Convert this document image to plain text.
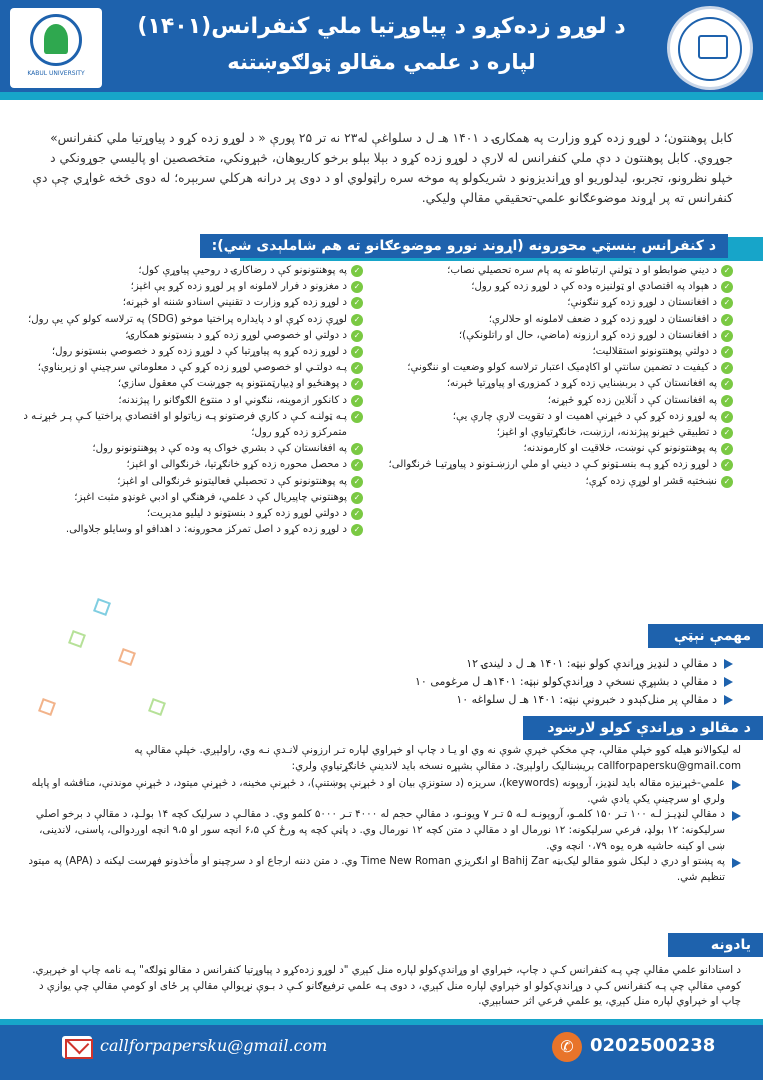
KABUL UNIVERSITY
د لوړو زده‌کړو د پیاوړتیا ملي کنفرانس(۱۴۰۱)
لپاره د علمي مقالو ټولګوښتنه

کابل پوهنتون؛ د لوړو زده کړو وزارت په همکارۍ د ۱۴۰۱ هـ ل د سلواغې له۲۳ نه تر ۲۵ پورې « د لوړو زده کړو د پیاوړتیا ملي کنفرانس» جوړوي. کابل پوهنتون د دې ملي کنفرانس له لارې د لوړو زده کړو د بېلا بېلو برخو کاریوهان، څېړونکي، متخصصین او پالیسي جوړونکي د خپلو نظرونو، تجربو، لیدلوریو او وړاندیزونو د شریکولو په موخه سره راټولوي او د دوی پر درانه هرکلي سربېره؛ له دوی څخه غواړي چې دې کنفرانس ته پر اړوند موضوعګانو علمي-تحقیقي مقالې ولیکي.

د کنفرانس بنسټي محورونه (اړوند نورو موضوعګانو ته هم شاملېدی شي):
✓
د ديني ضوابطو او د ټولنې ارتباطو ته په پام سره تحصيلي نصاب؛
✓
د هېواد په اقتصادي او ټولنيزه وده کې د لوړو زده کړو رول؛
✓
د افغانستان د لوړو زده کړو ننګونې؛
✓
د افغانستان د لوړو زده کړو د ضعف لاملونه او حلالرې؛
✓
د افغانستان د لوړو زده کړو ارزونه (ماضي، حال او راتلونکې)؛
✓
د دولتي پوهنتونونو استقلاليت؛
✓
د کيفيت د تضمين سانتې او اکاډميک اعتبار ترلاسه کولو وضعيت او ننګونې؛
✓
په افغانستان کې د بربښنايي زده کړو د کمزورۍ او پياوړتيا څېرنه؛
✓
په افغانستان کې د آنلاين زده کړو څېړنه؛
✓
په لوړو زده کړو کې د څېړنې اهميت او د تقويت لارې چارې يې؛
✓
د تطبيقي څېړنو پېژندنه، ارزښت، خانګړتياوې او اغېز؛
✓
په پوهنتونونو کې نوښت، خلاقيت او کارموندنه؛
✓
د لوړو زده کړو پـه بنسـټونو کـې د ديني او ملي ارزښـتونو د پياوړتيـا څرنګوالی؛
✓
نښختيه قشر او لوړې زده کړې؛
✓
په پوهنتونونو کې د رضاکارۍ د روحيې پياوړې کول؛
✓
د مغزونو د فرار لاملونه او پر لوړو زده کړو يې اغېز؛
✓
د لوړو زده کړو وزارت د تقنيني اسنادو شننه او څېړنه؛
✓
لوړې زده کړې او د پايداره پراختيا موخو (SDG) په ترلاسه کولو کې يې رول؛
✓
د دولتي او خصوصي لوړو زده کړو د بنسټونو همکارۍ؛
✓
د لوړو زده کړو په پياوړتيا کې د لوړو زده کړو د خصوصي بنسټونو رول؛
✓
پـه دولتـي او خصوصي لوړو زده کړو کې د معلوماتي سرچينې او زېربناوې؛
✓
د پوهنځيو او ډيپارټمنټونو په جوړښت کې معقول سازي؛
✓
د کانکور ازموينه، ننګوني او د منتوع الګوګانو را پېژندنه؛
✓
پـه ټولنـه کـې د کاري فرصتونو پـه زياتولو او اقتصادي پراختيا کـې پـر څېړنـه د متمرکزو زده کړو رول؛
✓
په افغانستان کې د بشري خواک په وده کې د پوهنتونونو رول؛
✓
د محصل محوره زده کړو خانګړتيا، څرنګوالی او اغېز؛
✓
په پوهنتونونو کې د تحصيلي فعاليتونو څرنګوالی او اغېز؛
✓
پوهنتوني چاپيريال کې د علمي، فرهنګي او ادبي غونډو مثبت اغېز؛
✓
د دولتي لوړو زده کړو د بنسټونو د ليليو مديريت؛
✓
د لوړو زده کړو د اصل تمرکز محورونه: د اهدافو او وسايلو جلاوالی.
مهمې نېټې
د مقالې د لنډيز وړاندې کولو نېټه: ۱۴۰۱ هـ ل د ليندۍ ۱۲
د مقالې د بشپړې نسخې د وړاندې‌کولو نېټه: ۱۴۰۱هـ ل مرغومی ۱۰
د مقالې پر منل‌کېدو د خبرونې نېټه: ۱۴۰۱ هـ ل سلواغه ۱۰
د مقالو د وړاندې کولو لارښود

له ليکوالانو هيله کوو خپلې مقالې، چې مخکې خپرې شوې نه وي او يـا د چاپ او خپراوي لپاره تـر ارزونې لانـدې نـه وي، راولېږي. خپلې مقالې په callforpapersku@gmail.com بريښناليک راولېږئ. د مقالې بشپړه نسخه بايد لاندينې ځانګړتياوې ولري:

علمي-څېړنيزه مقاله بايد لنډيز، آروېونه (keywords)، سريزه (د ستونزې بيان او د څېړنې پوښتنې)، د څېړنې مخينه، د څېړنې ميتود، د څېړنې موندنې، مناقشه او پايله ولري او سرچينې يکې يادې شي.
د مقالې لنډيـز لـه ۱۰۰ تـر ۱۵۰ کلمـو، آروېونـه لـه ۵ تـر ۷ ويونـو، د مقالې حجم له ۴۰۰۰ تـر ۵۰۰۰ کلمو وي. د مقالـې د سرليک کچه ۱۴ بولـډ، د مقالې د برخو اصلي سرليکونه: ۱۲ بولډ، فرعي سرليکونه: ۱۲ نورمال او د مقالې د متن کچه ۱۲ نورمال وي. د پاڼې کچه په ورځ کې ۶،۵ انچه سور او ۹،۵ انچه اوږدوالی، پاسنی، لاندينی، ښی او کينه حاشيه هره يوه ۰،۷۹ انچه وي.
په پښتو او دري د ليکل شوو مقالو ليک‌بڼه Bahij Zar او انګريزي Time New Roman وي. د متن دننه ارجاع او د سرچينو او مأخذونو فهرست ليکنه د (APA) په ميتود تنظيم شي.
يادونه

د استادانو علمي مقالې چې پـه کنفرانس کـې د چاپ، خپراوي او وړاندې‌کولو لپاره منل کېږي "د لوړو زده‌کړو د پياوړتيا کنفرانس د مقالو ټولګه" پـه نامه چاپ او خپرېږي. کومې مقالې چې پـه کنفرانس کـې د وړاندې‌کولو او خپراوي لپاره منل کېږي، د دوی پـه علمي ترفيع‌ګانو کـې د بـوې نړيوالې مقالې پر ځای او کومې مقالې چې يوازې د چاپ او خپراوي لپاره منل کېږي، يو علمي فرعي اثر حسابېږي.

callforpapersku@gmail.com	✆ 0202500238
